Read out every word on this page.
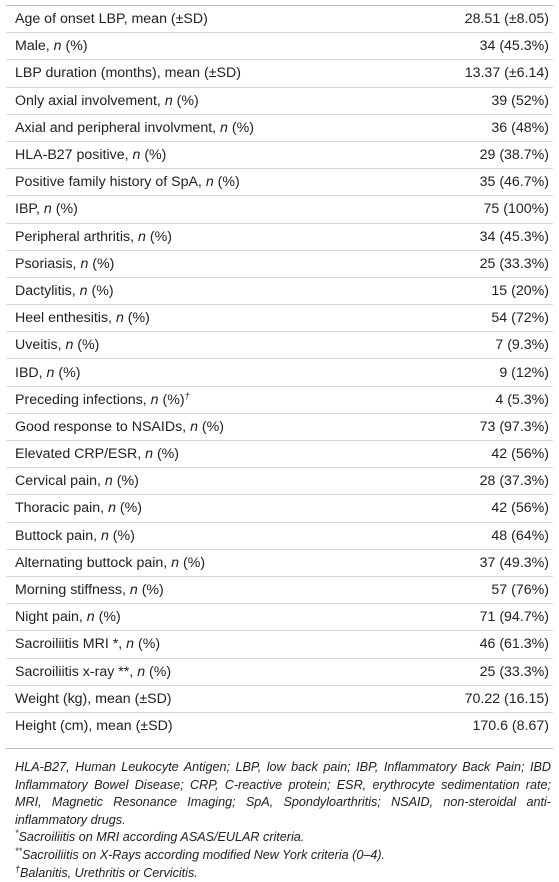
Age of onset LBP, mean (±SD)	28.51 (±8.05)
Male, n (%)	34 (45.3%)
LBP duration (months), mean (±SD)	13.37 (±6.14)
Only axial involvement, n (%)	39 (52%)
Axial and peripheral involvment, n (%)	36 (48%)
HLA-B27 positive, n (%)	29 (38.7%)
Positive family history of SpA, n (%)	35 (46.7%)
IBP, n (%)	75 (100%)
Peripheral arthritis, n (%)	34 (45.3%)
Psoriasis, n (%)	25 (33.3%)
Dactylitis, n (%)	15 (20%)
Heel enthesitis, n (%)	54 (72%)
Uveitis, n (%)	7 (9.3%)
IBD, n (%)	9 (12%)
Preceding infections, n (%)†	4 (5.3%)
Good response to NSAIDs, n (%)	73 (97.3%)
Elevated CRP/ESR, n (%)	42 (56%)
Cervical pain, n (%)	28 (37.3%)
Thoracic pain, n (%)	42 (56%)
Buttock pain, n (%)	48 (64%)
Alternating buttock pain, n (%)	37 (49.3%)
Morning stiffness, n (%)	57 (76%)
Night pain, n (%)	71 (94.7%)
Sacroiliitis MRI *, n (%)	46 (61.3%)
Sacroiliitis x-ray **, n (%)	25 (33.3%)
Weight (kg), mean (±SD)	70.22 (16.15)
Height (cm), mean (±SD)	170.6 (8.67)

HLA-B27, Human Leukocyte Antigen; LBP, low back pain; IBP, Inflammatory Back Pain; IBD Inflammatory Bowel Disease; CRP, C-reactive protein; ESR, erythrocyte sedimentation rate; MRI, Magnetic Resonance Imaging; SpA, Spondyloarthritis; NSAID, non-steroidal anti-inflammatory drugs.

*Sacroiliitis on MRI according ASAS/EULAR criteria.

**Sacroiliitis on X-Rays according modified New York criteria (0–4).

†Balanitis, Urethritis or Cervicitis.
